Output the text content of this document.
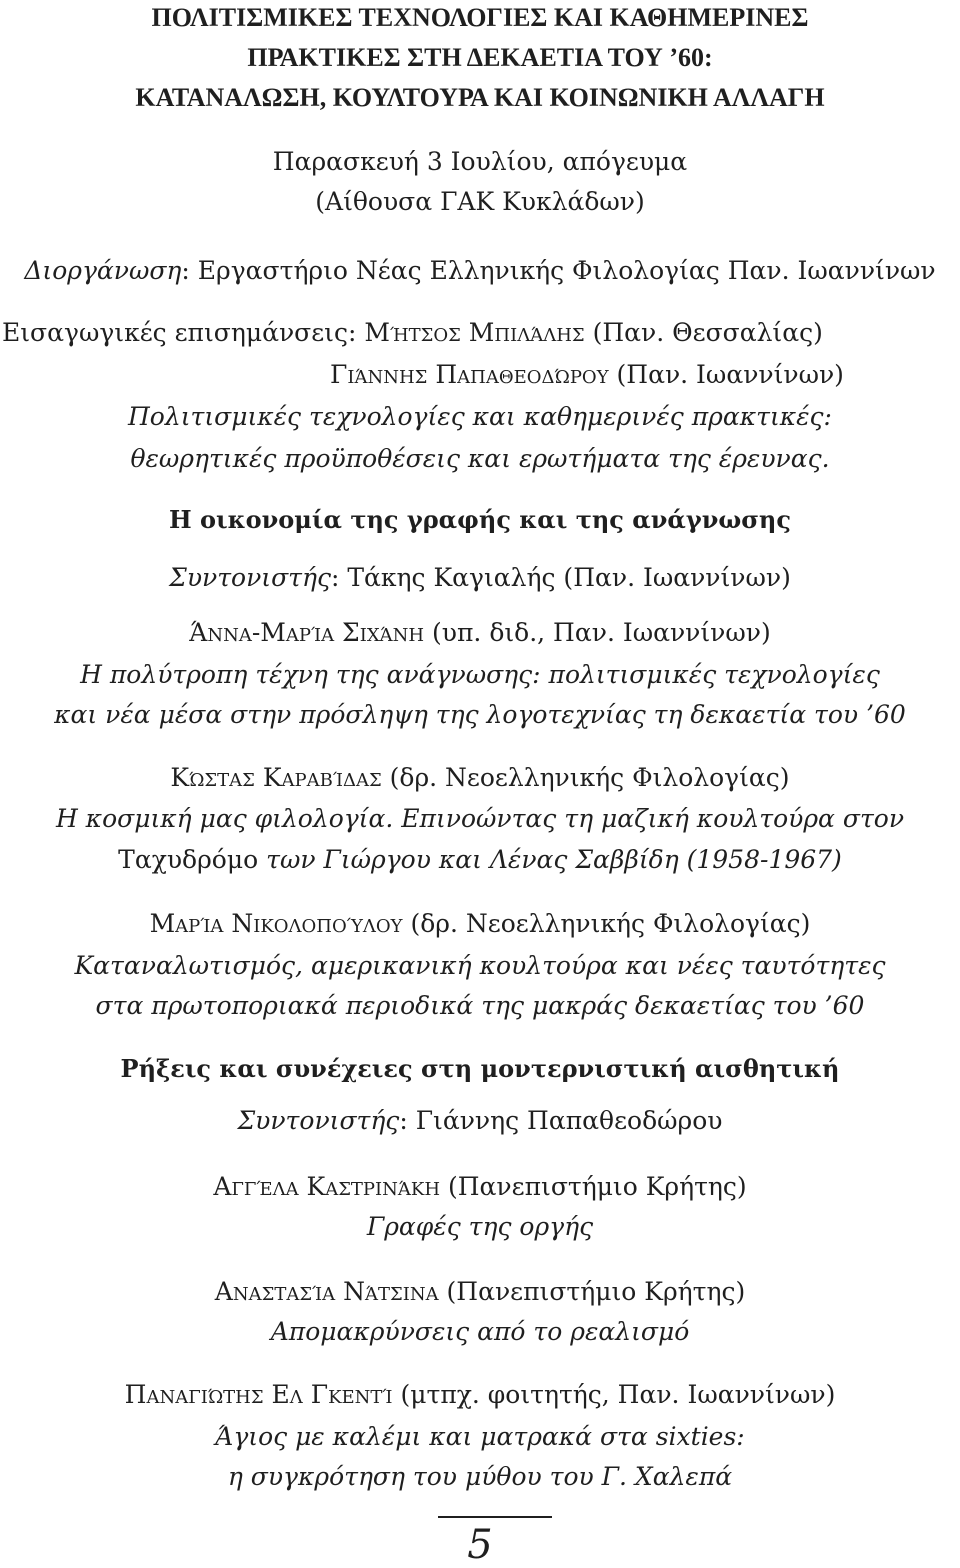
ΠΟΛΙΤΙΣΜΙΚΕΣ ΤΕΧΝΟΛΟΓΙΕΣ ΚΑΙ ΚΑΘΗΜΕΡΙΝΕΣ
ΠΡΑΚΤΙΚΕΣ ΣΤΗ ΔΕΚΑΕΤΙΑ ΤΟΥ ’60:
ΚΑΤΑΝΑΛΩΣΗ, ΚΟΥΛΤΟΥΡΑ ΚΑΙ ΚΟΙΝΩΝΙΚΗ ΑΛΛΑΓΗ
Παρασκευή 3 Ιουλίου, απόγευμα
(Αίθουσα ΓΑΚ Κυκλάδων)
Διοργάνωση: Εργαστήριο Νέας Ελληνικής Φιλολογίας Παν. Ιωαννίνων
Εισαγωγικές επισημάνσεις: Μήτσος Μπιλάλης (Παν. Θεσσαλίας)
Γιάννης Παπαθεοδώρου (Παν. Ιωαννίνων)
Πολιτισμικές τεχνολογίες και καθημερινές πρακτικές:
θεωρητικές προϋποθέσεις και ερωτήματα της έρευνας.
Η οικονομία της γραφής και της ανάγνωσης
Συντονιστής: Τάκης Καγιαλής (Παν. Ιωαννίνων)
Άννα-Μαρία Σιχάνη (υπ. διδ., Παν. Ιωαννίνων)
Η πολύτροπη τέχνη της ανάγνωσης: πολιτισμικές τεχνολογίες
και νέα μέσα στην πρόσληψη της λογοτεχνίας τη δεκαετία του ’60
Κώστας Καραβίδας (δρ. Νεοελληνικής Φιλολογίας)
Η κοσμική μας φιλολογία. Επινοώντας τη μαζική κουλτούρα στον
Ταχυδρόμο των Γιώργου και Λένας Σαββίδη (1958-1967)
Μαρία Νικολοπούλου (δρ. Νεοελληνικής Φιλολογίας)
Καταναλωτισμός, αμερικανική κουλτούρα και νέες ταυτότητες
στα πρωτοποριακά περιοδικά της μακράς δεκαετίας του ’60
Ρήξεις και συνέχειες στη μοντερνιστική αισθητική
Συντονιστής: Γιάννης Παπαθεοδώρου
Αγγέλα Καστρινάκη (Πανεπιστήμιο Κρήτης)
Γραφές της οργής
Αναστασία Νάτσινα (Πανεπιστήμιο Κρήτης)
Απομακρύνσεις από το ρεαλισμό
Παναγιώτης Ελ Γκεντί (μτπχ. φοιτητής, Παν. Ιωαννίνων)
Άγιος με καλέμι και ματρακά στα sixties:
η συγκρότηση του μύθου του Γ. Χαλεπά
5
